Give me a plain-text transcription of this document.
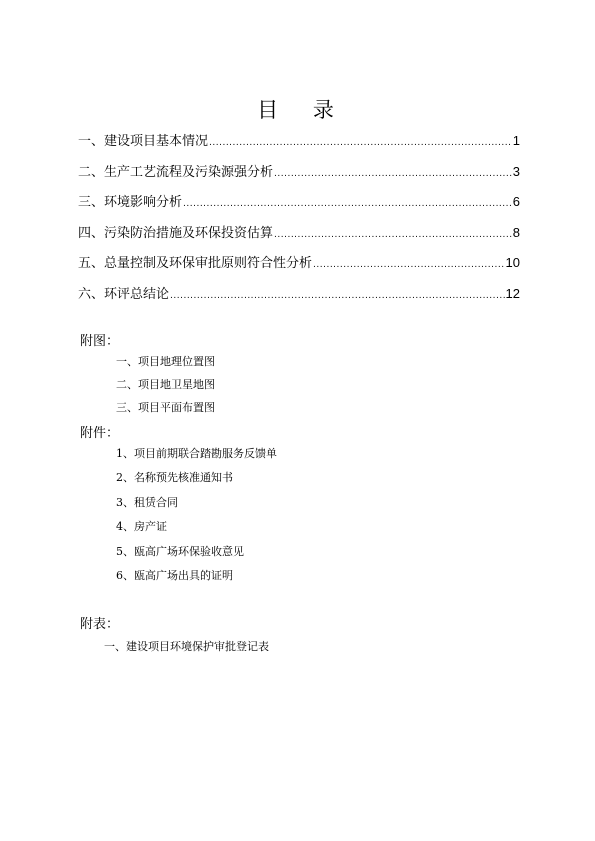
目 录
一、建设项目基本情况 .....	1
二、生产工艺流程及污染源强分析 .....	3
三、环境影响分析 .....	6
四、污染防治措施及环保投资估算 .....	8
五、总量控制及环保审批原则符合性分析 .....	10
六、环评总结论 .....	12
附图：
一、项目地理位置图
二、项目地卫星地图
三、项目平面布置图
附件：
1、项目前期联合踏勘服务反馈单
2、名称预先核准通知书
3、租赁合同
4、房产证
5、瓯高广场环保验收意见
6、瓯高广场出具的证明
附表：
一、建设项目环境保护审批登记表
